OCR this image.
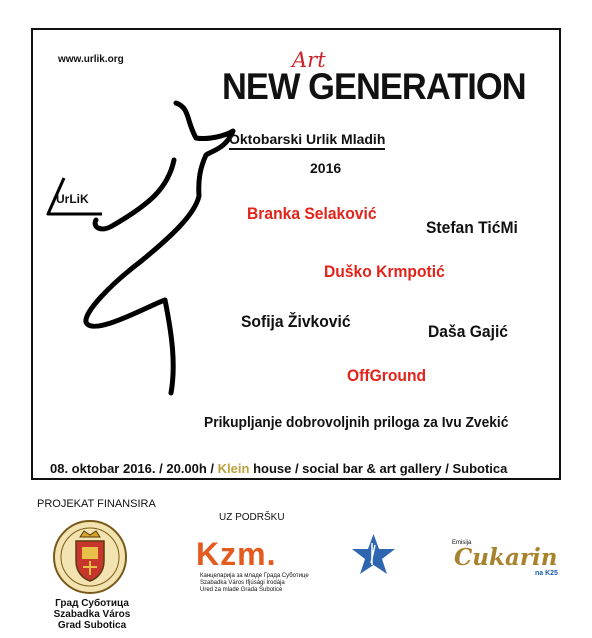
www.urlik.org	Art
NEW GENERATION
Oktobarski Urlik Mladih
2016
UrLiK
Branka Selaković
Stefan TićMi
Duško Krmpotić
Sofija Živković
Daša Gajić
OffGround
Prikupljanje dobrovoljnih priloga za Ivu Zvekić
08. oktobar 2016. / 20.00h / Klein house / social bar & art gallery / Subotica
PROJEKAT FINANSIRA
UZ PODRŠKU
Град Суботица
Szabadka Város
Grad Subotica
Kzm.
Канцеларија за младе Града Суботице
Szabadka Város Ifjúsági Irodája
Ured za mlade Grada Subotice
Emisija
Cukarin
na K25
